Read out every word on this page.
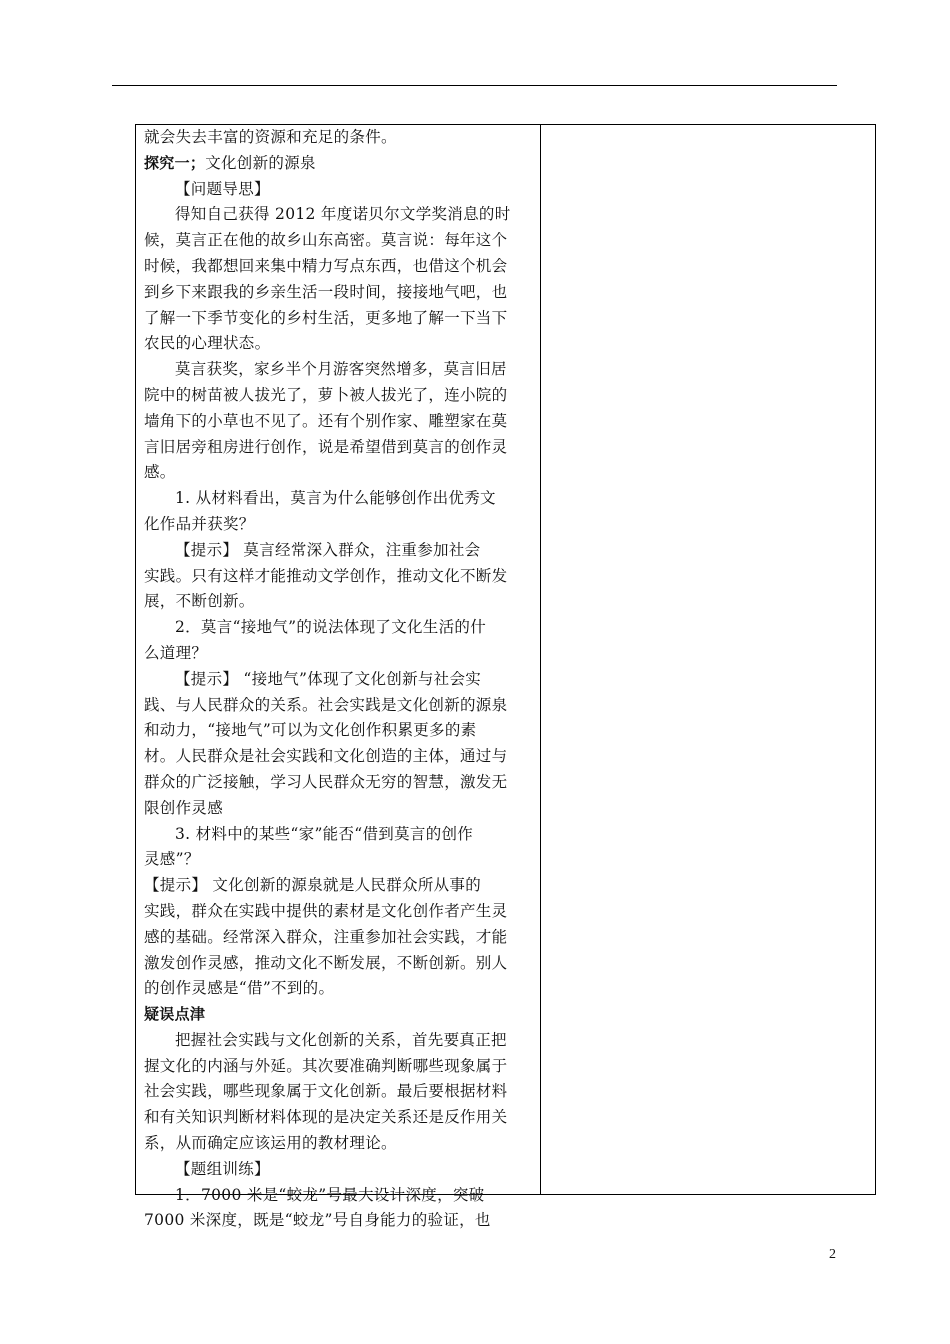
就会失去丰富的资源和充足的条件。
探究一；文化创新的源泉
【问题导思】
得知自己获得 2012 年度诺贝尔文学奖消息的时
候，莫言正在他的故乡山东高密。莫言说：每年这个
时候，我都想回来集中精力写点东西，也借这个机会
到乡下来跟我的乡亲生活一段时间，接接地气吧，也
了解一下季节变化的乡村生活，更多地了解一下当下
农民的心理状态。
莫言获奖，家乡半个月游客突然增多，莫言旧居
院中的树苗被人拔光了，萝卜被人拔光了，连小院的
墙角下的小草也不见了。还有个别作家、雕塑家在莫
言旧居旁租房进行创作，说是希望借到莫言的创作灵
感。
1. 从材料看出，莫言为什么能够创作出优秀文
化作品并获奖？
【提示】 莫言经常深入群众，注重参加社会
实践。只有这样才能推动文学创作，推动文化不断发
展，不断创新。
2．莫言“接地气”的说法体现了文化生活的什
么道理？
【提示】 “接地气”体现了文化创新与社会实
践、与人民群众的关系。社会实践是文化创新的源泉
和动力，“接地气”可以为文化创作积累更多的素
材。人民群众是社会实践和文化创造的主体，通过与
群众的广泛接触，学习人民群众无穷的智慧，激发无
限创作灵感
3. 材料中的某些“家”能否“借到莫言的创作
灵感”？
【提示】 文化创新的源泉就是人民群众所从事的
实践，群众在实践中提供的素材是文化创作者产生灵
感的基础。经常深入群众，注重参加社会实践，才能
激发创作灵感，推动文化不断发展，不断创新。别人
的创作灵感是“借”不到的。
疑误点津
把握社会实践与文化创新的关系，首先要真正把
握文化的内涵与外延。其次要准确判断哪些现象属于
社会实践，哪些现象属于文化创新。最后要根据材料
和有关知识判断材料体现的是决定关系还是反作用关
系，从而确定应该运用的教材理论。
【题组训练】
1．7000 米是“蛟龙”号最大设计深度，突破
7000 米深度，既是“蛟龙”号自身能力的验证，也
2
